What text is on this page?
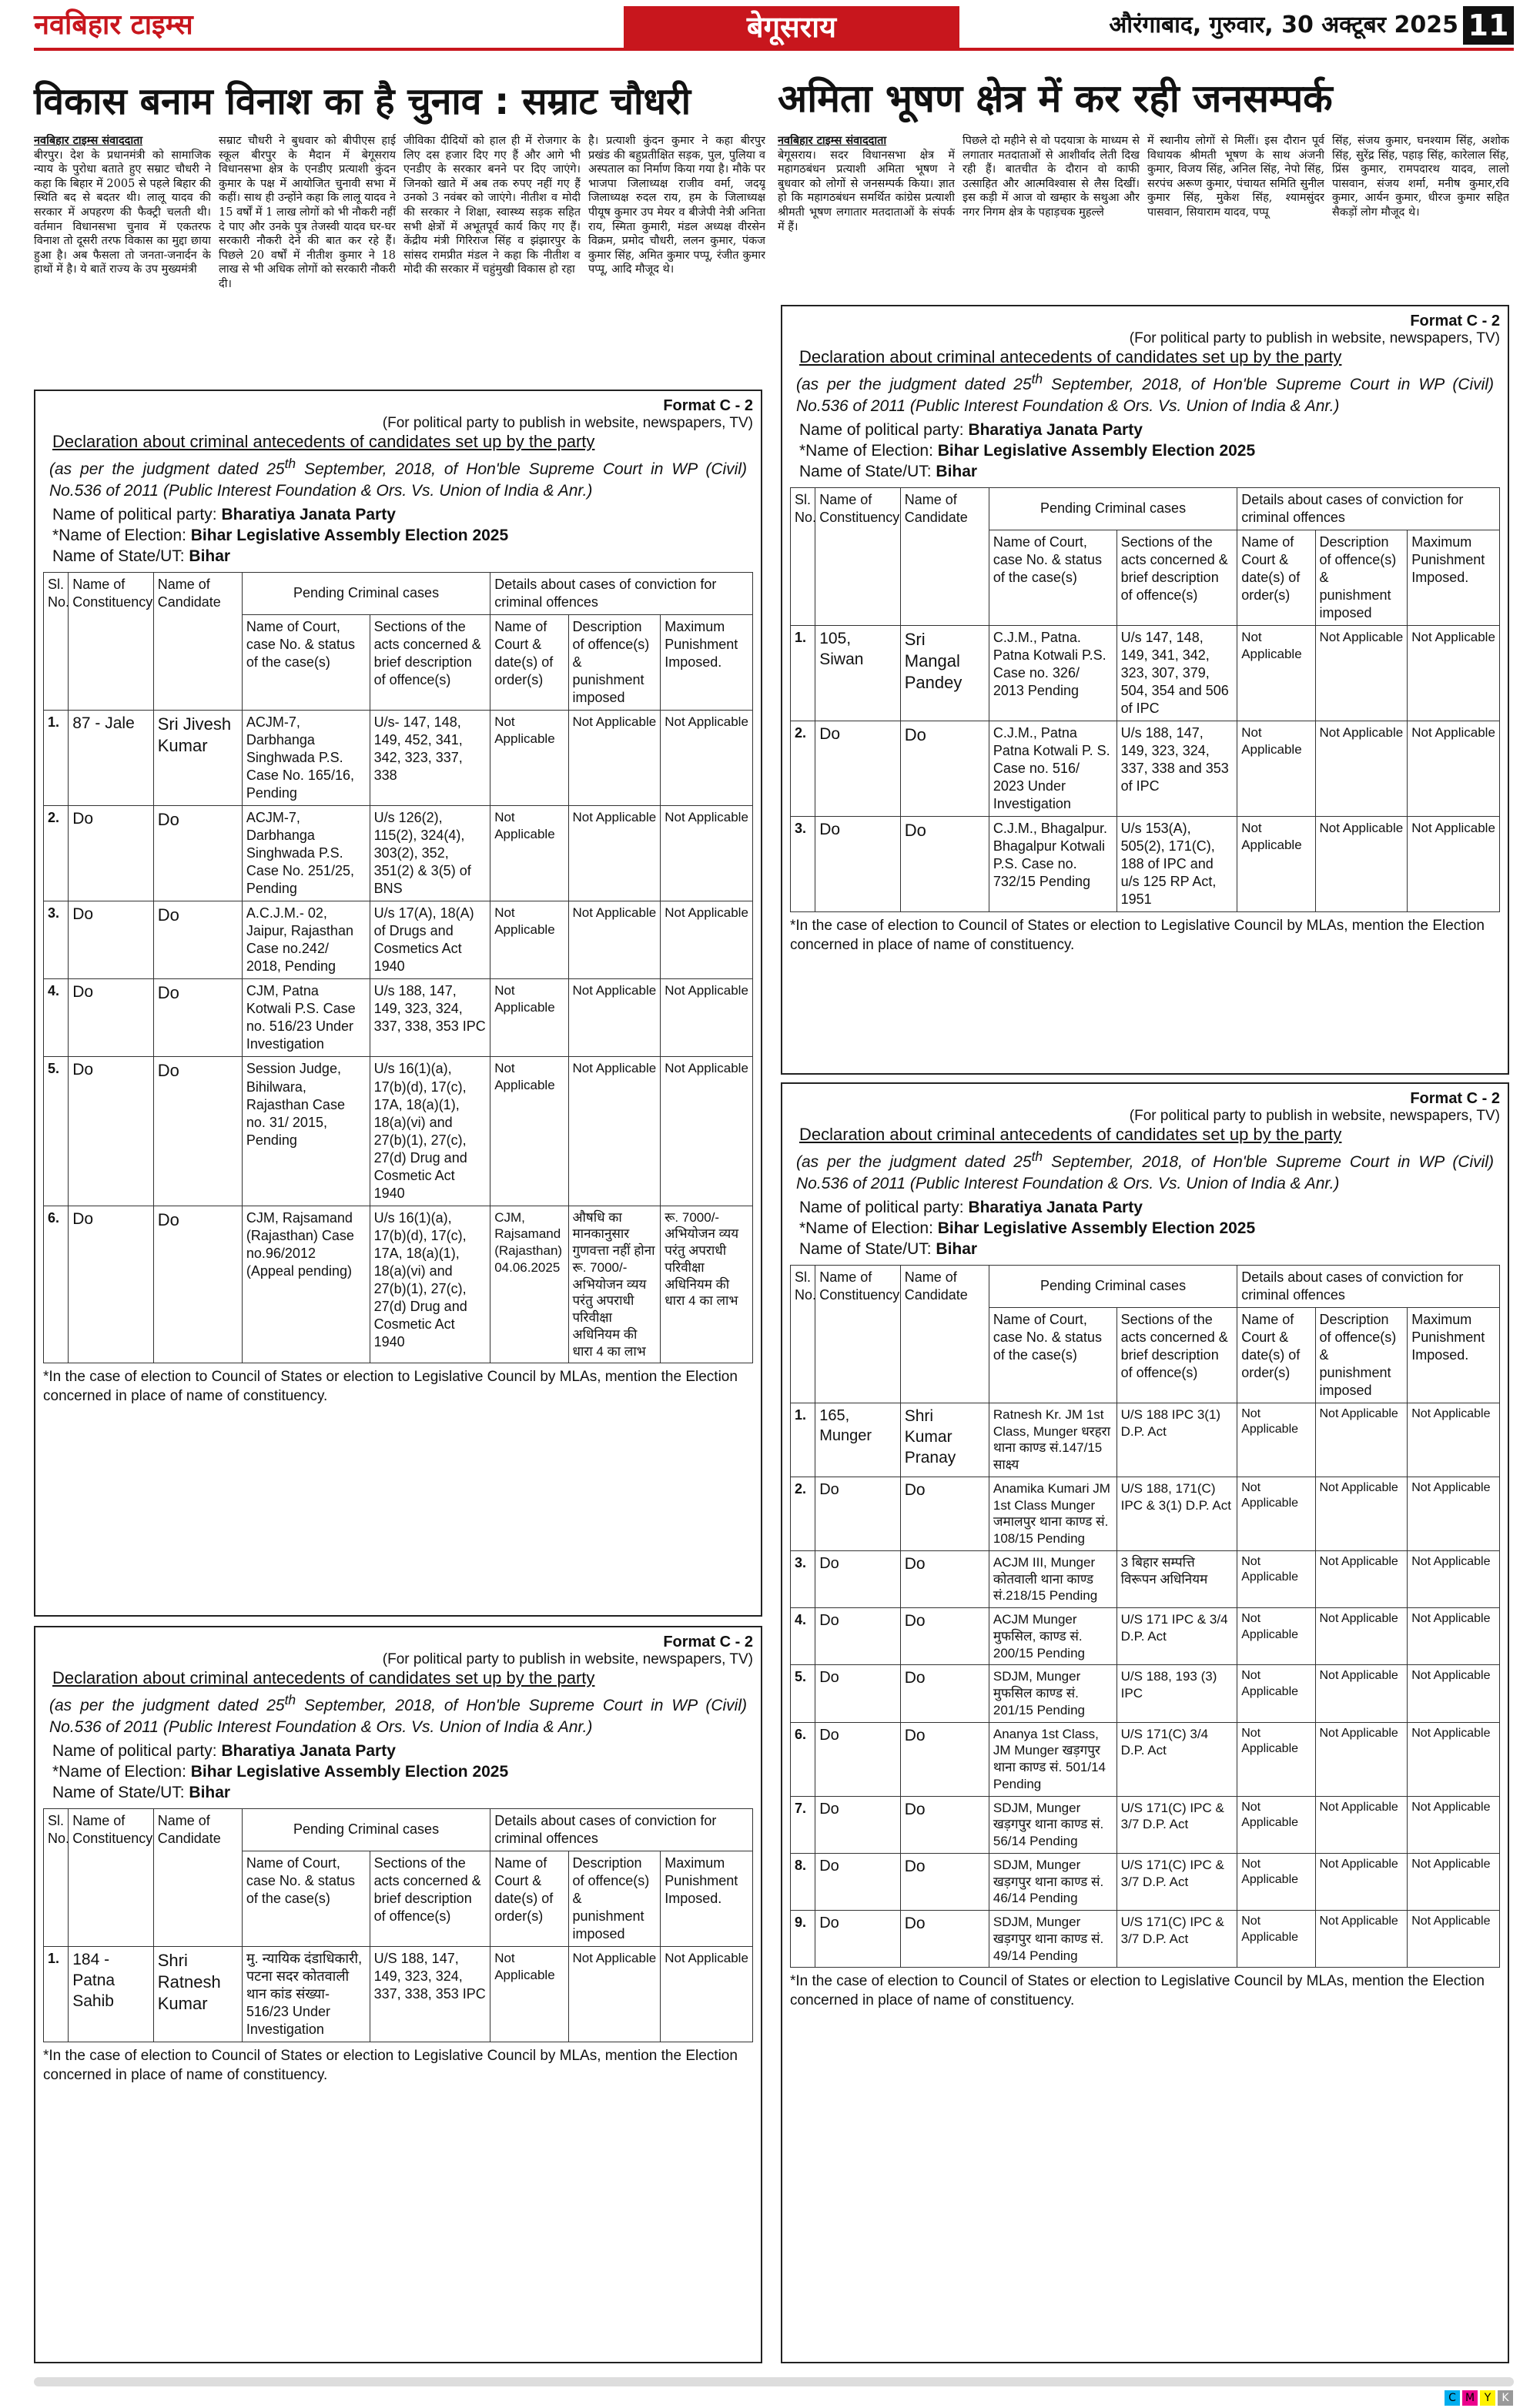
नवबिहार टाइम्स	बेगूसराय	औरंगाबाद, गुरुवार, 30 अक्टूबर 2025 11
विकास बनाम विनाश का है चुनाव : सम्राट चौधरी
नवबिहार टाइम्स संवाददाता
बीरपुर। देश के प्रधानमंत्री को सामाजिक न्याय के पुरोधा बताते हुए सम्राट चौधरी ने कहा कि बिहार में 2005 से पहले बिहार की स्थिति बद से बदतर थी। लालू यादव की सरकार में अपहरण की फैक्ट्री चलती थी। वर्तमान विधानसभा चुनाव में एकतरफ विनाश तो दूसरी तरफ विकास का मुद्दा छाया हुआ है। अब फैसला तो जनता-जनार्दन के हाथों में है। ये बातें राज्य के उप मुख्यमंत्री
सम्राट चौधरी ने बुधवार को बीपीएस हाई स्कूल बीरपुर के मैदान में बेगूसराय विधानसभा क्षेत्र के एनडीए प्रत्याशी कुंदन कुमार के पक्ष में आयोजित चुनावी सभा में कहीं। साथ ही उन्होंने कहा कि लालू यादव ने 15 वर्षों में 1 लाख लोगों को भी नौकरी नहीं दे पाए और उनके पुत्र तेजस्वी यादव घर-घर सरकारी नौकरी देने की बात कर रहे हैं। पिछले 20 वर्षों में नीतीश कुमार ने 18 लाख से भी अधिक लोगों को सरकारी नौकरी दी।
जीविका दीदियों को हाल ही में रोजगार के लिए दस हजार दिए गए हैं और आगे भी एनडीए के सरकार बनने पर दिए जाएंगे। जिनको खाते में अब तक रुपए नहीं गए हैं उनको 3 नवंबर को जाएंगे। नीतीश व मोदी की सरकार ने शिक्षा, स्वास्थ्य सड़क सहित सभी क्षेत्रों में अभूतपूर्व कार्य किए गए हैं। केंद्रीय मंत्री गिरिराज सिंह व झंझारपुर के सांसद रामप्रीत मंडल ने कहा कि नीतीश व मोदी की सरकार में चहुंमुखी विकास हो रहा
है। प्रत्याशी कुंदन कुमार ने कहा बीरपुर प्रखंड की बहुप्रतीक्षित सड़क, पुल, पुलिया व अस्पताल का निर्माण किया गया है। मौके पर भाजपा जिलाध्यक्ष राजीव वर्मा, जदयू जिलाध्यक्ष रुदल राय, हम के जिलाध्यक्ष पीयूष कुमार उप मेयर व बीजेपी नेत्री अनिता राय, स्मिता कुमारी, मंडल अध्यक्ष वीरसेन विक्रम, प्रमोद चौधरी, ललन कुमार, पंकज कुमार सिंह, अमित कुमार पप्पू, रंजीत कुमार पप्पू, आदि मौजूद थे।
अमिता भूषण क्षेत्र में कर रही जनसम्पर्क
नवबिहार टाइम्स संवाददाता
बेगूसराय। सदर विधानसभा क्षेत्र में महागठबंधन प्रत्याशी अमिता भूषण ने बुधवार को लोगों से जनसम्पर्क किया। ज्ञात हो कि महागठबंधन समर्थित कांग्रेस प्रत्याशी श्रीमती भूषण लगातार मतदाताओं के संपर्क में हैं।
पिछले दो महीने से वो पदयात्रा के माध्यम से लगातार मतदाताओं से आशीर्वाद लेती दिख रही हैं। बातचीत के दौरान वो काफी उत्साहित और आत्मविश्वास से लैस दिखीं। इस कड़ी में आज वो खम्हार के सथुआ और नगर निगम क्षेत्र के पहाड़चक मुहल्ले
में स्थानीय लोगों से मिलीं। इस दौरान पूर्व विधायक श्रीमती भूषण के साथ अंजनी कुमार, विजय सिंह, अनिल सिंह, नेपो सिंह, सरपंच अरूण कुमार, पंचायत समिति सुनील कुमार सिंह, मुकेश सिंह, श्यामसुंदर पासवान, सियाराम यादव, पप्पू
सिंह, संजय कुमार, घनश्याम सिंह, अशोक सिंह, सुरेंद्र सिंह, पहाड़ सिंह, कारेलाल सिंह, प्रिंस कुमार, रामपदारथ यादव, लालो पासवान, संजय शर्मा, मनीष कुमार,रवि कुमार, आर्यन कुमार, धीरज कुमार सहित सैकड़ों लोग मौजूद थे।
Format C - 2
(For political party to publish in website, newspapers, TV)
Declaration about criminal antecedents of candidates set up by the party
(as per the judgment dated 25th September, 2018, of Hon'ble Supreme Court in WP (Civil) No.536 of 2011 (Public Interest Foundation & Ors. Vs. Union of India & Anr.)
Name of political party: Bharatiya Janata Party
*Name of Election: Bihar Legislative Assembly Election 2025
Name of State/UT: Bihar
Sl. No.	Name of Constituency	Name of Candidate	Pending Criminal cases		Details about cases of conviction for criminal offences		
			Name of Court, case No. & status of the case(s)	Sections of the acts concerned & brief description of offence(s)	Name of Court & date(s) of order(s)	Description of offence(s) & punishment imposed	Maximum Punishment Imposed.
1.	87 - Jale	Sri Jivesh Kumar	ACJM-7, Darbhanga Singhwada P.S. Case No. 165/16, Pending	U/s- 147, 148, 149, 452, 341, 342, 323, 337, 338	Not Applicable	Not Applicable	Not Applicable
2.	Do	Do	ACJM-7, Darbhanga Singhwada P.S. Case No. 251/25, Pending	U/s 126(2), 115(2), 324(4), 303(2), 352, 351(2) & 3(5) of BNS	Not Applicable	Not Applicable	Not Applicable
3.	Do	Do	A.C.J.M.- 02, Jaipur, Rajasthan Case no.242/ 2018, Pending	U/s 17(A), 18(A) of Drugs and Cosmetics Act 1940	Not Applicable	Not Applicable	Not Applicable
4.	Do	Do	CJM, Patna Kotwali P.S. Case no. 516/23 Under Investigation	U/s 188, 147, 149, 323, 324, 337, 338, 353 IPC	Not Applicable	Not Applicable	Not Applicable
5.	Do	Do	Session Judge, Bihilwara, Rajasthan Case no. 31/ 2015, Pending	U/s 16(1)(a), 17(b)(d), 17(c), 17A, 18(a)(1), 18(a)(vi) and 27(b)(1), 27(c), 27(d) Drug and Cosmetic Act 1940	Not Applicable	Not Applicable	Not Applicable
6.	Do	Do	CJM, Rajsamand (Rajasthan) Case no.96/2012 (Appeal pending)	U/s 16(1)(a), 17(b)(d), 17(c), 17A, 18(a)(1), 18(a)(vi) and 27(b)(1), 27(c), 27(d) Drug and Cosmetic Act 1940	CJM, Rajsamand (Rajasthan) 04.06.2025	औषधि का मानकानुसार गुणवत्ता नहीं होना रू. 7000/- अभियोजन व्यय परंतु अपराधी परिवीक्षा अधिनियम की धारा 4 का लाभ	रू. 7000/- अभियोजन व्यय परंतु अपराधी परिवीक्षा अधिनियम की धारा 4 का लाभ
*In the case of election to Council of States or election to Legislative Council by MLAs, mention the Election concerned in place of name of constituency.
Format C - 2
(For political party to publish in website, newspapers, TV)
Declaration about criminal antecedents of candidates set up by the party
(as per the judgment dated 25th September, 2018, of Hon'ble Supreme Court in WP (Civil) No.536 of 2011 (Public Interest Foundation & Ors. Vs. Union of India & Anr.)
Name of political party: Bharatiya Janata Party
*Name of Election: Bihar Legislative Assembly Election 2025
Name of State/UT: Bihar
Sl. No.	Name of Constituency	Name of Candidate	Pending Criminal cases		Details about cases of conviction for criminal offences		
			Name of Court, case No. & status of the case(s)	Sections of the acts concerned & brief description of offence(s)	Name of Court & date(s) of order(s)	Description of offence(s) & punishment imposed	Maximum Punishment Imposed.
1.	184 - Patna Sahib	Shri Ratnesh Kumar	मु. न्यायिक दंडाधिकारी, पटना सदर कोतवाली थान कांड संख्या- 516/23 Under Investigation	U/S 188, 147, 149, 323, 324, 337, 338, 353 IPC	Not Applicable	Not Applicable	Not Applicable
*In the case of election to Council of States or election to Legislative Council by MLAs, mention the Election concerned in place of name of constituency.
Format C - 2
(For political party to publish in website, newspapers, TV)
Declaration about criminal antecedents of candidates set up by the party
(as per the judgment dated 25th September, 2018, of Hon'ble Supreme Court in WP (Civil) No.536 of 2011 (Public Interest Foundation & Ors. Vs. Union of India & Anr.)
Name of political party: Bharatiya Janata Party
*Name of Election: Bihar Legislative Assembly Election 2025
Name of State/UT: Bihar
Sl. No.	Name of Constituency	Name of Candidate	Pending Criminal cases		Details about cases of conviction for criminal offences		
			Name of Court, case No. & status of the case(s)	Sections of the acts concerned & brief description of offence(s)	Name of Court & date(s) of order(s)	Description of offence(s) & punishment imposed	Maximum Punishment Imposed.
1.	105, Siwan	Sri Mangal Pandey	C.J.M., Patna. Patna Kotwali P.S. Case no. 326/ 2013 Pending	U/s 147, 148, 149, 341, 342, 323, 307, 379, 504, 354 and 506 of IPC	Not Applicable	Not Applicable	Not Applicable
2.	Do	Do	C.J.M., Patna Patna Kotwali P. S. Case no. 516/ 2023 Under Investigation	U/s 188, 147, 149, 323, 324, 337, 338 and 353 of IPC	Not Applicable	Not Applicable	Not Applicable
3.	Do	Do	C.J.M., Bhagalpur. Bhagalpur Kotwali P.S. Case no. 732/15 Pending	U/s 153(A), 505(2), 171(C), 188 of IPC and u/s 125 RP Act, 1951	Not Applicable	Not Applicable	Not Applicable
*In the case of election to Council of States or election to Legislative Council by MLAs, mention the Election concerned in place of name of constituency.
Format C - 2
(For political party to publish in website, newspapers, TV)
Declaration about criminal antecedents of candidates set up by the party
(as per the judgment dated 25th September, 2018, of Hon'ble Supreme Court in WP (Civil) No.536 of 2011 (Public Interest Foundation & Ors. Vs. Union of India & Anr.)
Name of political party: Bharatiya Janata Party
*Name of Election: Bihar Legislative Assembly Election 2025
Name of State/UT: Bihar
Sl. No.	Name of Constituency	Name of Candidate	Pending Criminal cases		Details about cases of conviction for criminal offences		
			Name of Court, case No. & status of the case(s)	Sections of the acts concerned & brief description of offence(s)	Name of Court & date(s) of order(s)	Description of offence(s) & punishment imposed	Maximum Punishment Imposed.
1.	165, Munger	Shri Kumar Pranay	Ratnesh Kr. JM 1st Class, Munger धरहरा थाना काण्ड सं.147/15 साक्ष्य	U/S 188 IPC 3(1) D.P. Act	Not Applicable	Not Applicable	Not Applicable
2.	Do	Do	Anamika Kumari JM 1st Class Munger जमालपुर थाना काण्ड सं. 108/15 Pending	U/S 188, 171(C) IPC & 3(1) D.P. Act	Not Applicable	Not Applicable	Not Applicable
3.	Do	Do	ACJM III, Munger कोतवाली थाना काण्ड सं.218/15 Pending	3 बिहार सम्पत्ति विरूपन अधिनियम	Not Applicable	Not Applicable	Not Applicable
4.	Do	Do	ACJM Munger मुफसिल, काण्ड सं. 200/15 Pending	U/S 171 IPC & 3/4 D.P. Act	Not Applicable	Not Applicable	Not Applicable
5.	Do	Do	SDJM, Munger मुफसिल काण्ड सं. 201/15 Pending	U/S 188, 193 (3) IPC	Not Applicable	Not Applicable	Not Applicable
6.	Do	Do	Ananya 1st Class, JM Munger खड़गपुर थाना काण्ड सं. 501/14 Pending	U/S 171(C) 3/4 D.P. Act	Not Applicable	Not Applicable	Not Applicable
7.	Do	Do	SDJM, Munger खड़गपुर थाना काण्ड सं. 56/14 Pending	U/S 171(C) IPC & 3/7 D.P. Act	Not Applicable	Not Applicable	Not Applicable
8.	Do	Do	SDJM, Munger खड़गपुर थाना काण्ड सं. 46/14 Pending	U/S 171(C) IPC & 3/7 D.P. Act	Not Applicable	Not Applicable	Not Applicable
9.	Do	Do	SDJM, Munger खड़गपुर थाना काण्ड सं. 49/14 Pending	U/S 171(C) IPC & 3/7 D.P. Act	Not Applicable	Not Applicable	Not Applicable
*In the case of election to Council of States or election to Legislative Council by MLAs, mention the Election concerned in place of name of constituency.
C M Y K
